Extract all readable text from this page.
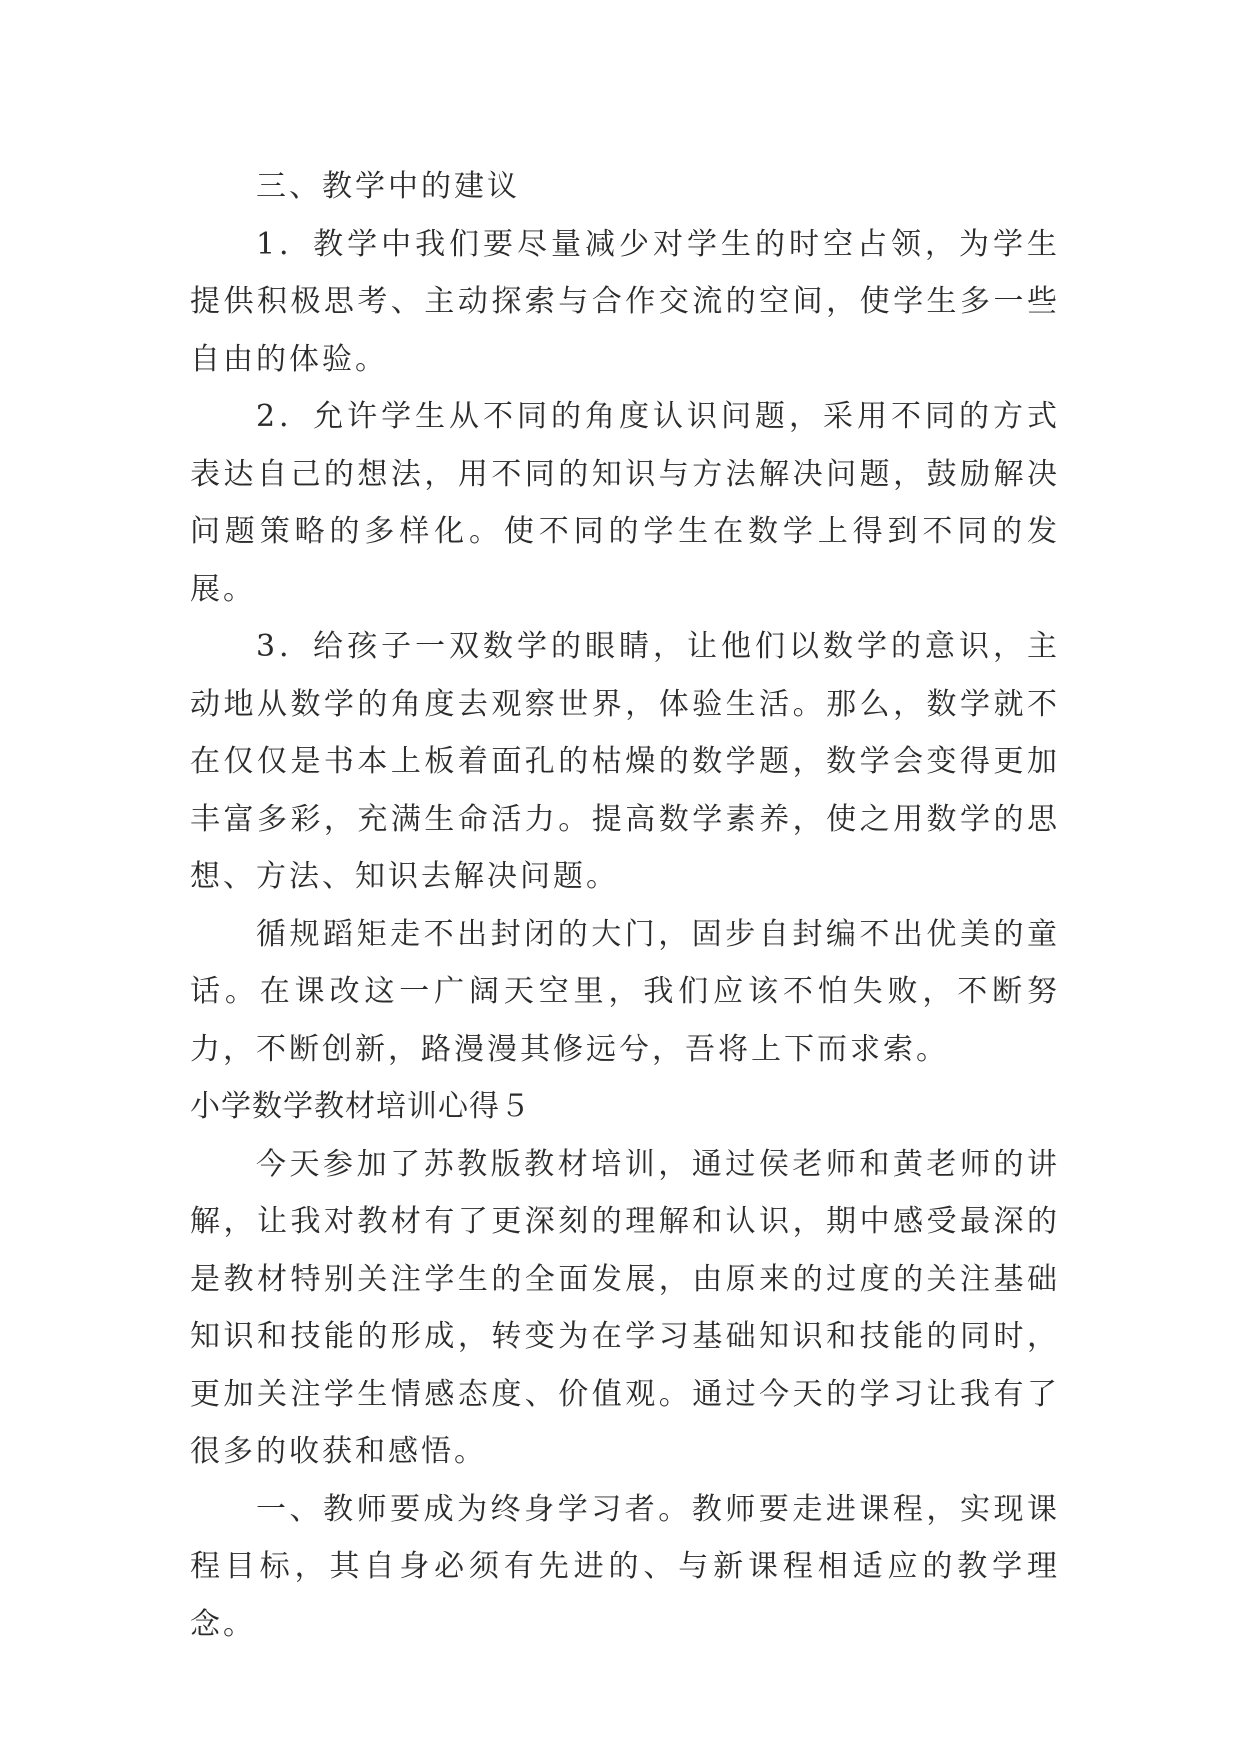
三、教学中的建议

1．教学中我们要尽量减少对学生的时空占领，为学生提供积极思考、主动探索与合作交流的空间，使学生多一些自由的体验。

2．允许学生从不同的角度认识问题，采用不同的方式表达自己的想法，用不同的知识与方法解决问题，鼓励解决问题策略的多样化。使不同的学生在数学上得到不同的发展。

3．给孩子一双数学的眼睛，让他们以数学的意识，主动地从数学的角度去观察世界，体验生活。那么，数学就不在仅仅是书本上板着面孔的枯燥的数学题，数学会变得更加丰富多彩，充满生命活力。提高数学素养，使之用数学的思想、方法、知识去解决问题。

循规蹈矩走不出封闭的大门，固步自封编不出优美的童话。在课改这一广阔天空里，我们应该不怕失败，不断努力，不断创新，路漫漫其修远兮，吾将上下而求索。

小学数学教材培训心得５

今天参加了苏教版教材培训，通过侯老师和黄老师的讲解，让我对教材有了更深刻的理解和认识，期中感受最深的是教材特别关注学生的全面发展，由原来的过度的关注基础知识和技能的形成，转变为在学习基础知识和技能的同时，更加关注学生情感态度、价值观。通过今天的学习让我有了很多的收获和感悟。

一、教师要成为终身学习者。教师要走进课程，实现课程目标，其自身必须有先进的、与新课程相适应的教学理念。
